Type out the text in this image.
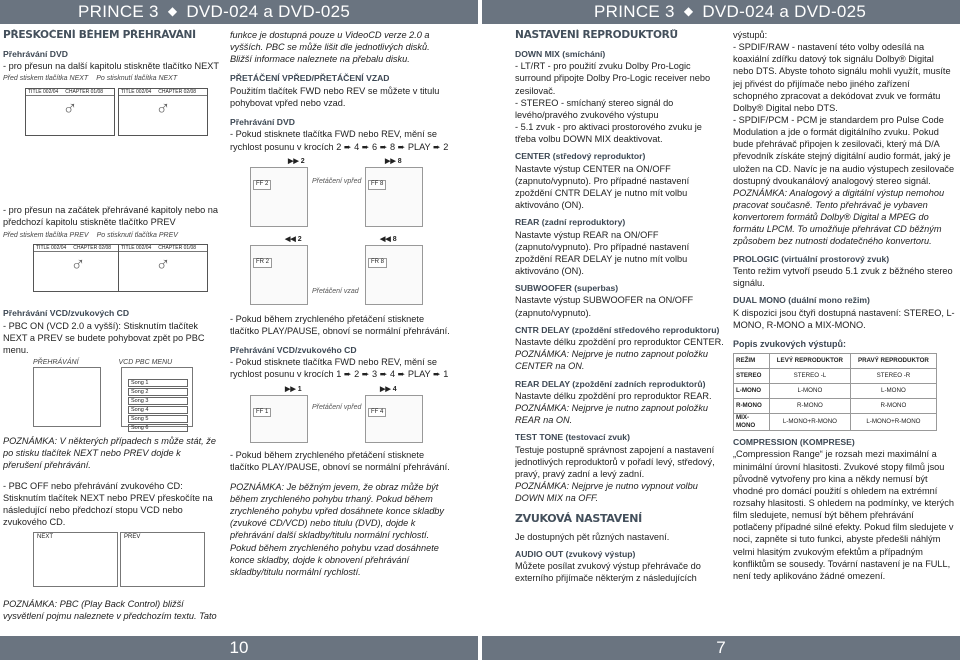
PRINCE 3 ◆ DVD-024 a DVD-025	PRINCE 3 ◆ DVD-024 a DVD-025
PŘESKOČENÍ BĚHEM PŘEHRÁVÁNÍ
Přehrávání DVD

- pro přesun na další kapitolu stiskněte tlačítko NEXT

Před stiskem tlačítka NEXT Po stisknutí tlačítka NEXT
TITLE 002/04 CHAPTER 01/08
♂
TITLE 002/04 CHAPTER 02/08
♂

- pro přesun na začátek přehrávané kapitoly nebo na předchozí kapitolu stiskněte tlačítko PREV

Před stiskem tlačítka PREV Po stisknutí tlačítka PREV
TITLE 002/04 CHAPTER 02/08
♂
TITLE 002/04 CHAPTER 01/08
♂
Přehrávání VCD/zvukových CD

- PBC ON (VCD 2.0 a vyšší): Stisknutím tlačítek NEXT a PREV se budete pohybovat zpět po PBC menu.

PŘEHRÁVÁNÍ	VCD PBC MENU
Song 1
Song 2
Song 3
Song 4
Song 5
Song 6

POZNÁMKA: V některých případech s může stát, že po stisku tlačítek NEXT nebo PREV dojde k přerušení přehrávání.

- PBC OFF nebo přehrávání zvukového CD: Stisknutím tlačítek NEXT nebo PREV přeskočíte na následující nebo předchozí stopu VCD nebo zvukového CD.

NEXT	PREV

POZNÁMKA: PBC (Play Back Control) bližší vysvětlení pojmu naleznete v předchozím textu. Tato

funkce je dostupná pouze u VideoCD verze 2.0 a vyšších. PBC se může lišit dle jednotlivých disků. Bližší informace naleznete na přebalu disku.

PŘETÁČENÍ VPŘED/PŘETÁČENÍ VZAD

Použitím tlačítek FWD nebo REV se můžete v titulu pohybovat vpřed nebo vzad.

Přehrávání DVD

- Pokud stisknete tlačítka FWD nebo REV, mění se rychlost posunu v krocích 2 ➨ 4 ➨ 6 ➨ 8 ➨ PLAY ➨ 2

▶▶ 2	▶▶ 8
FF 2	FF 8
Přetáčení vpřed
◀◀ 2	◀◀ 8
FR 2	FR 8
Přetáčení vzad

- Pokud během zrychleného přetáčení stisknete tlačítko PLAY/PAUSE, obnoví se normální přehrávání.

Přehrávání VCD/zvukového CD

- Pokud stisknete tlačítka FWD nebo REV, mění se rychlost posunu v krocích 1 ➨ 2 ➨ 3 ➨ 4 ➨ PLAY ➨ 1

▶▶ 1	▶▶ 4
FF 1	FF 4
Přetáčení vpřed

- Pokud během zrychleného přetáčení stisknete tlačítko PLAY/PAUSE, obnoví se normální přehrávání.

POZNÁMKA: Je běžným jevem, že obraz může být během zrychleného pohybu trhaný. Pokud během zrychleného pohybu vpřed dosáhnete konce skladby (zvukové CD/VCD) nebo titulu (DVD), dojde k přehrávání další skladby/titulu normální rychlostí. Pokud během zrychleného pohybu vzad dosáhnete konce skladby, dojde k obnovení přehrávání skladby/titulu normální rychlostí.

10	7
NASTAVENÍ REPRODUKTORŮ
DOWN MIX (smíchání)

- LT/RT - pro použití zvuku Dolby Pro-Logic surround připojte Dolby Pro-Logic receiver nebo zesilovač.

- STEREO - smíchaný stereo signál do levého/pravého zvukového výstupu

- 5.1 zvuk - pro aktivaci prostorového zvuku je třeba volbu DOWN MIX deaktivovat.

CENTER (středový reproduktor)

Nastavte výstup CENTER na ON/OFF (zapnuto/vypnuto). Pro případné nastavení zpoždění CNTR DELAY je nutno mít volbu aktivováno (ON).

REAR (zadní reproduktory)

Nastavte výstup REAR na ON/OFF (zapnuto/vypnuto). Pro případné nastavení zpoždění REAR DELAY je nutno mít volbu aktivováno (ON).

SUBWOOFER (superbas)

Nastavte výstup SUBWOOFER na ON/OFF (zapnuto/vypnuto).

CNTR DELAY (zpoždění středového reproduktoru)

Nastavte délku zpoždění pro reproduktor CENTER.

POZNÁMKA: Nejprve je nutno zapnout položku CENTER na ON.

REAR DELAY (zpoždění zadních reproduktorů)

Nastavte délku zpoždění pro reproduktor REAR.

POZNÁMKA: Nejprve je nutno zapnout položku REAR na ON.

TEST TONE (testovací zvuk)

Testuje postupně správnost zapojení a nastavení jednotlivých reproduktorů v pořadí levý, středový, pravý, pravý zadní a levý zadní.

POZNÁMKA: Nejprve je nutno vypnout volbu DOWN MIX na OFF.

ZVUKOVÁ NASTAVENÍ

Je dostupných pět různých nastavení.

AUDIO OUT (zvukový výstup)

Můžete posílat zvukový výstup přehrávače do externího přijímače některým z následujících

výstupů:

- SPDIF/RAW - nastavení této volby odesílá na koaxiální zdířku datový tok signálu Dolby® Digital nebo DTS. Abyste tohoto signálu mohli využít, musíte jej přivést do přijímače nebo jiného zařízení schopného zpracovat a dekódovat zvuk ve formátu Dolby® Digital nebo DTS.

- SPDIF/PCM - PCM je standardem pro Pulse Code Modulation a jde o formát digitálního zvuku. Pokud bude přehrávač připojen k zesilovači, který má D/A převodník získáte stejný digitální audio formát, jaký je uložen na CD. Navíc je na audio výstupech zesilovače dostupný dvoukanálový analogový stereo signál.

POZNÁMKA: Analogový a digitální výstup nemohou pracovat současně. Tento přehrávač je vybaven konvertorem formátů Dolby® Digital a MPEG do formátu LPCM. To umožňuje přehrávat CD běžným způsobem bez nutnosti dodatečného konvertoru.

PROLOGIC (virtuální prostorový zvuk)

Tento režim vytvoří pseudo 5.1 zvuk z běžného stereo signálu.

DUAL MONO (duální mono režim)

K dispozici jsou čtyři dostupná nastavení: STEREO, L-MONO, R-MONO a MIX-MONO.

Popis zvukových výstupů:
REŽIM	LEVÝ REPRODUKTOR	PRAVÝ REPRODUKTOR
STEREO	STEREO -L	STEREO -R
L-MONO	L-MONO	L-MONO
R-MONO	R-MONO	R-MONO
MIX-MONO	L-MONO+R-MONO	L-MONO+R-MONO
COMPRESSION (KOMPRESE)

„Compression Range“ je rozsah mezi maximální a minimální úrovní hlasitosti. Zvukové stopy filmů jsou původně vytvořeny pro kina a někdy nemusí být vhodné pro domácí použití s ohledem na extrémní rozsahy hlasitosti. S ohledem na podmínky, ve kterých film sledujete, nemusí být během přehrávání potlačeny případné silné efekty. Pokud film sledujete v noci, zapněte si tuto funkci, abyste předešli náhlým velmi hlasitým zvukovým efektům a případným konfliktům se sousedy. Tovární nastavení je na FULL, není tedy aplikováno žádné omezení.
